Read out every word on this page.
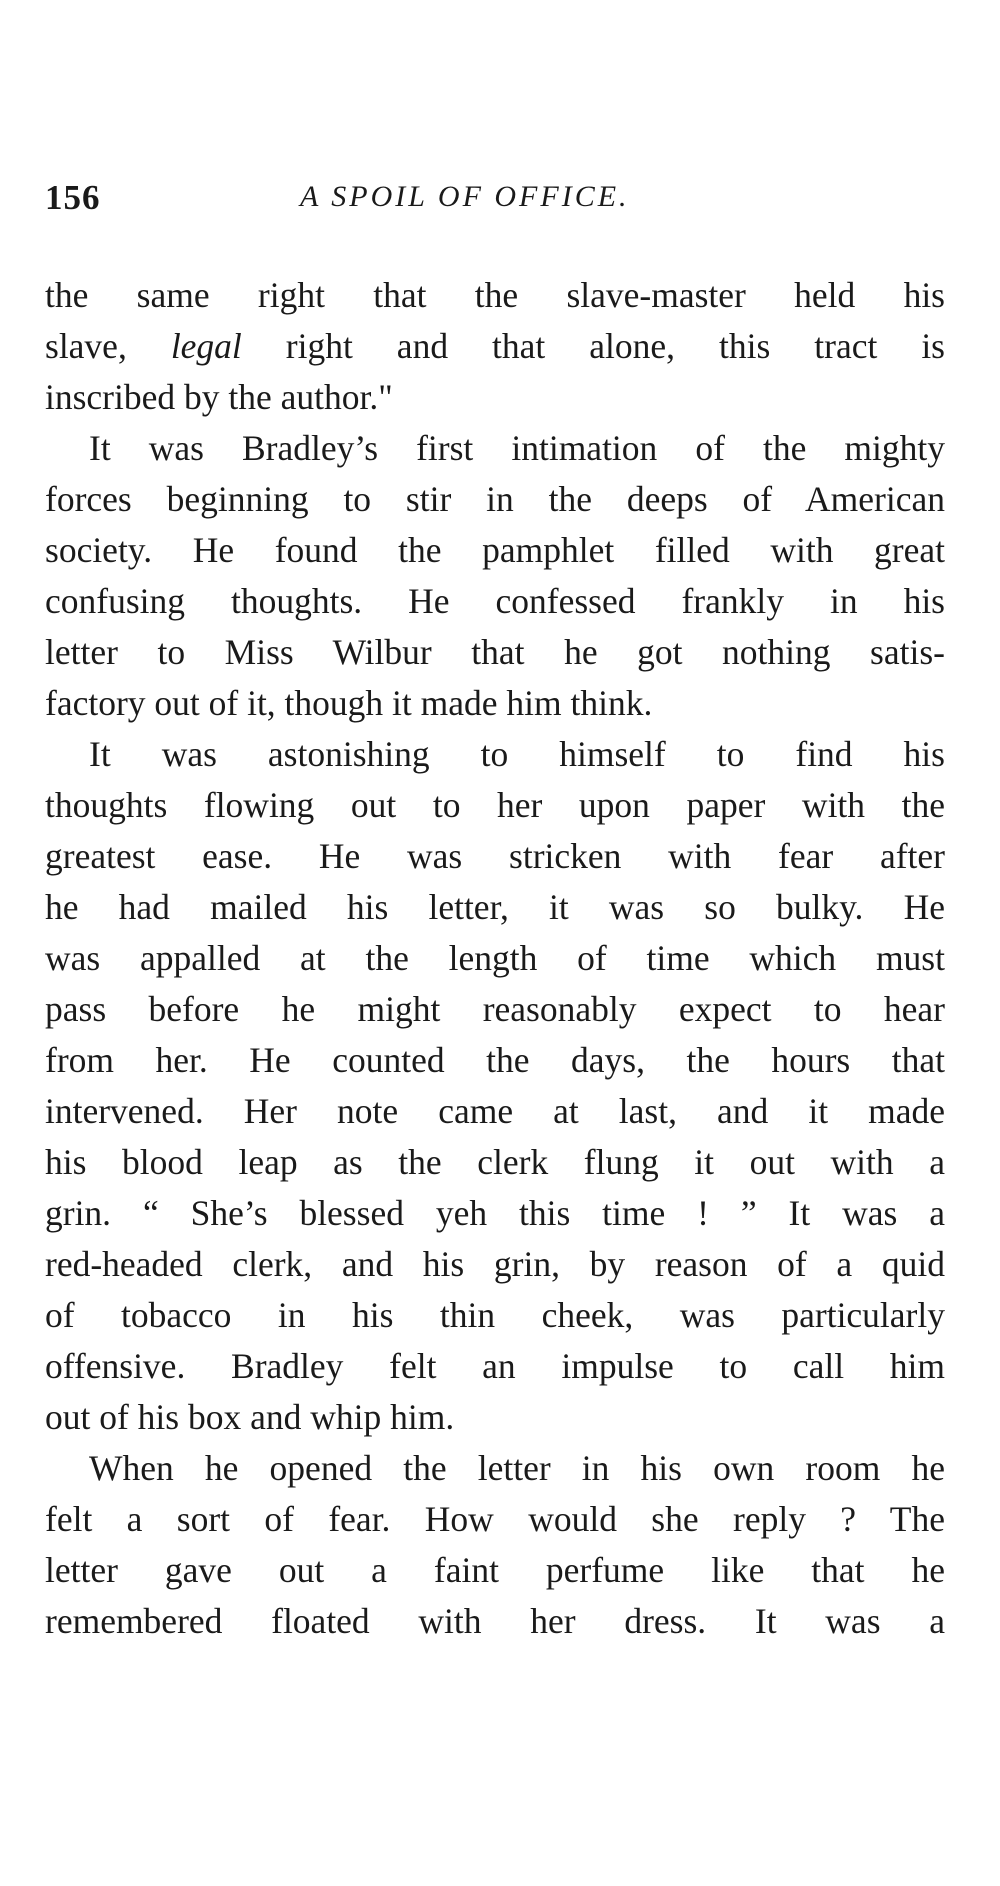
156	A SPOIL OF OFFICE.
the same right that the slave-master held his
slave, legal right and that alone, this tract is
inscribed by the author."
It was Bradley’s first intimation of the mighty
forces beginning to stir in the deeps of American
society. He found the pamphlet filled with great
confusing thoughts. He confessed frankly in his
letter to Miss Wilbur that he got nothing satis-
factory out of it, though it made him think.
It was astonishing to himself to find his
thoughts flowing out to her upon paper with the
greatest ease. He was stricken with fear after
he had mailed his letter, it was so bulky. He
was appalled at the length of time which must
pass before he might reasonably expect to hear
from her. He counted the days, the hours that
intervened. Her note came at last, and it made
his blood leap as the clerk flung it out with a
grin. “ She’s blessed yeh this time ! ” It was a
red-headed clerk, and his grin, by reason of a quid
of tobacco in his thin cheek, was particularly
offensive. Bradley felt an impulse to call him
out of his box and whip him.
When he opened the letter in his own room he
felt a sort of fear. How would she reply ? The
letter gave out a faint perfume like that he
remembered floated with her dress. It was a
